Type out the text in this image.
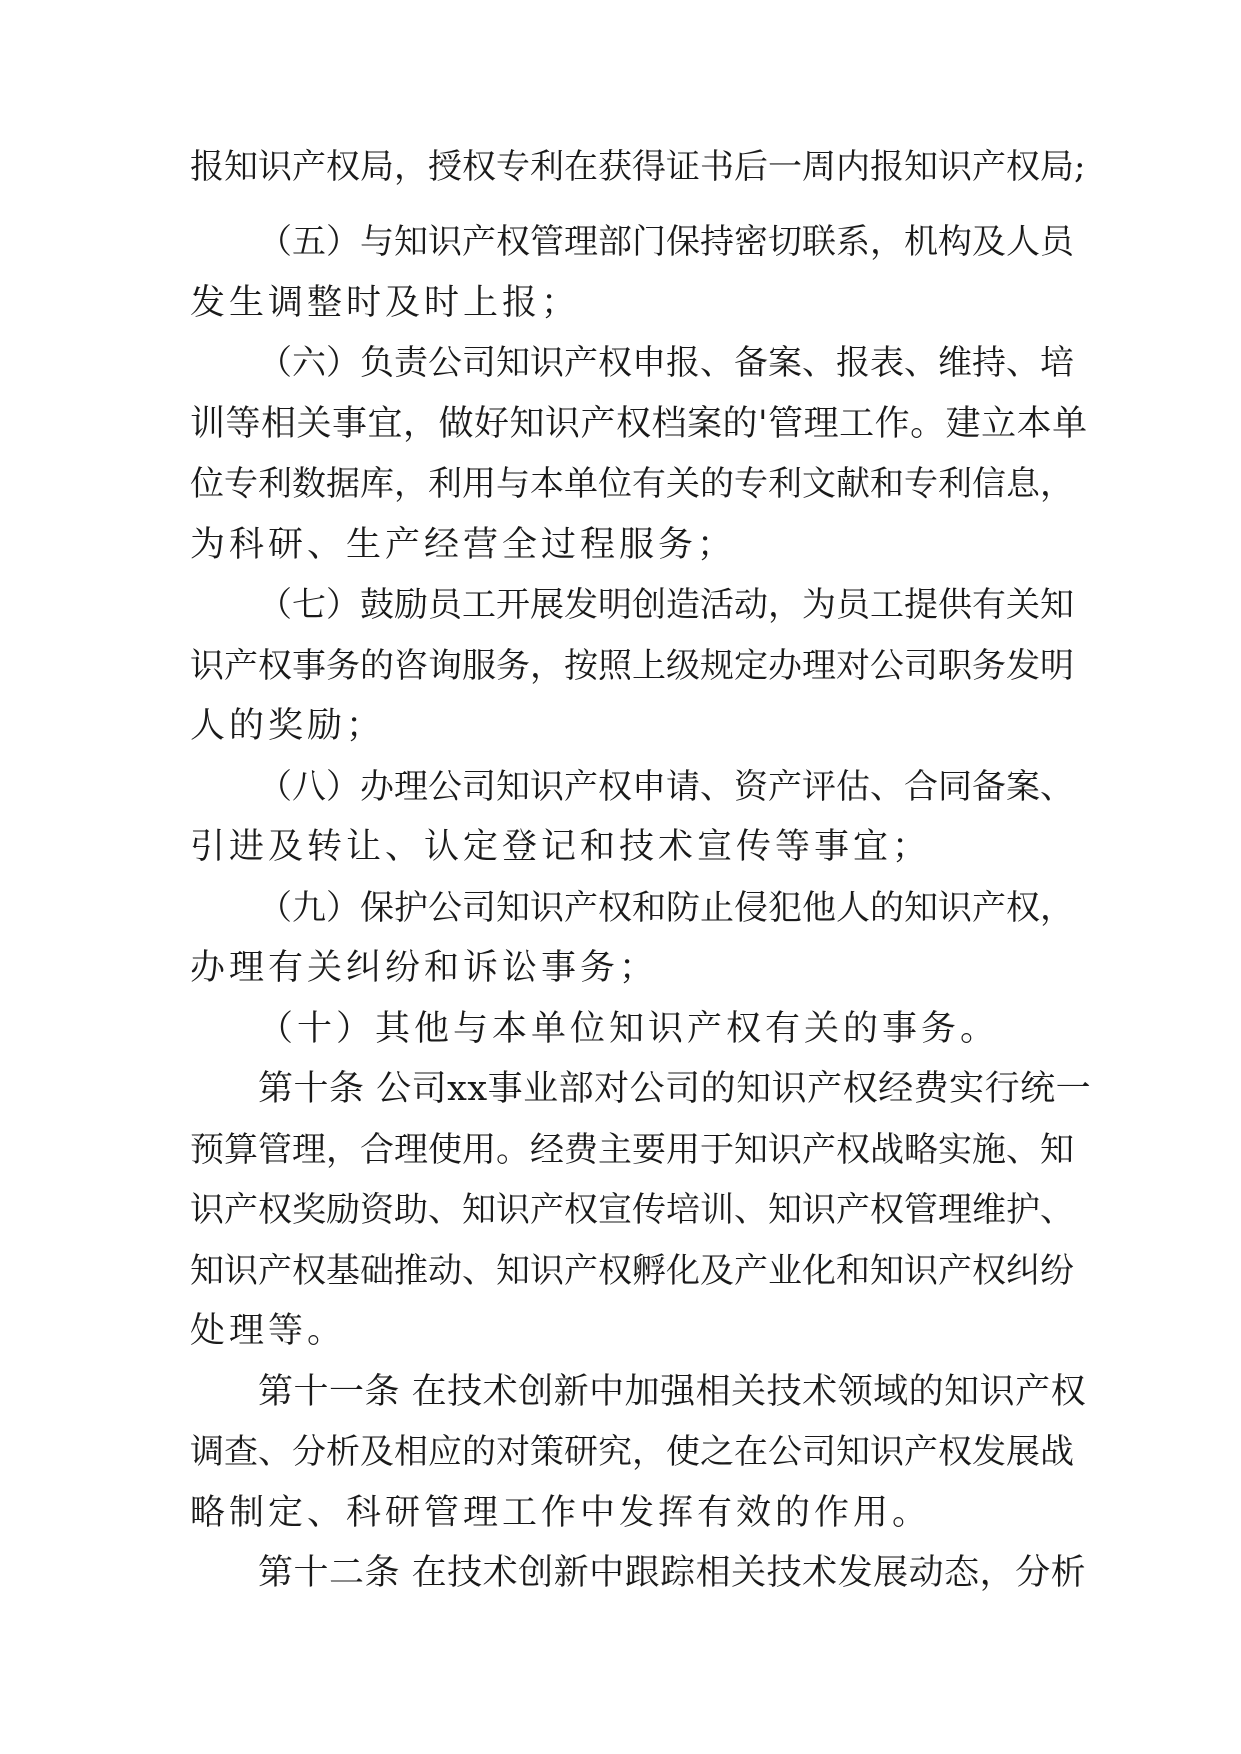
报知识产权局，授权专利在获得证书后一周内报知识产权局;
（五）与知识产权管理部门保持密切联系，机构及人员
发生调整时及时上报；
（六）负责公司知识产权申报、备案、报表、维持、培
训等相关事宜，做好知识产权档案的'管理工作。建立本单
位专利数据库，利用与本单位有关的专利文献和专利信息，
为科研、生产经营全过程服务；
（七）鼓励员工开展发明创造活动，为员工提供有关知
识产权事务的咨询服务，按照上级规定办理对公司职务发明
人的奖励；
（八）办理公司知识产权申请、资产评估、合同备案、
引进及转让、认定登记和技术宣传等事宜；
（九）保护公司知识产权和防止侵犯他人的知识产权，
办理有关纠纷和诉讼事务；
（十）其他与本单位知识产权有关的事务。
第十条 公司xx事业部对公司的知识产权经费实行统一
预算管理，合理使用。经费主要用于知识产权战略实施、知
识产权奖励资助、知识产权宣传培训、知识产权管理维护、
知识产权基础推动、知识产权孵化及产业化和知识产权纠纷
处理等。
第十一条 在技术创新中加强相关技术领域的知识产权
调查、分析及相应的对策研究，使之在公司知识产权发展战
略制定、科研管理工作中发挥有效的作用。
第十二条 在技术创新中跟踪相关技术发展动态，分析
